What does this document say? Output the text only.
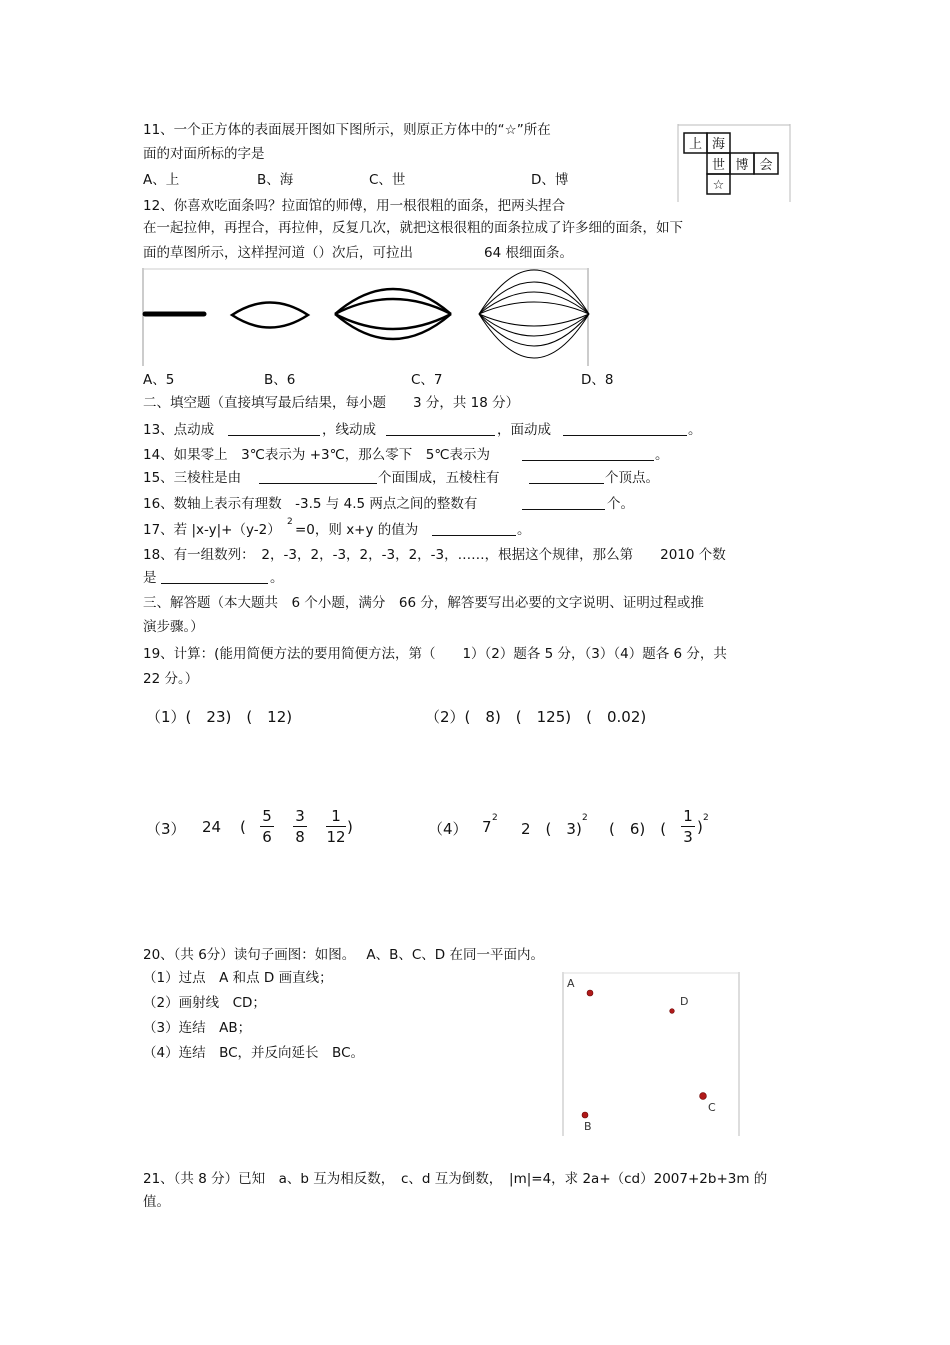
11、一个正方体的表面展开图如下图所示，则原正方体中的“☆”所在
面的对面所标的字是
A、上	B、海	C、世	D、博
上 海
世 博 会
☆
12、你喜欢吃面条吗？拉面馆的师傅，用一根很粗的面条，把两头捏合
在一起拉伸，再捏合，再拉伸，反复几次，就把这根很粗的面条拉成了许多细的面条，如下
面的草图所示，这样捏河道（）次后，可拉出	64 根细面条。
A、5	B、6	C、7	D、8
二、填空题（直接填写最后结果，每小题　　3 分，共 18 分）
13、点动成	，线动成	，面动成	。
14、如果零上　3℃表示为 +3℃，那么零下　5℃表示为	。
15、三棱柱是由	个面围成，五棱柱有	个顶点。
16、数轴上表示有理数　-3.5 与 4.5 两点之间的整数有	个。
17、若 |x-y|+（y-2） 2 =0，则 x+y 的值为	。
18、有一组数列：　2，-3，2，-3，2，-3，2，-3，……，根据这个规律，那么第　　2010 个数
是	。
三、解答题（本大题共　6 个小题，满分　66 分，解答要写出必要的文字说明、证明过程或推
演步骤。）
19、计算：(能用简便方法的要用简便方法，第（　　1）（2）题各 5 分，（3）（4）题各 6 分，共
22 分。）
（1）(　23)　(　12)	（2）(　8)　(　125)　(　0.02)
（3） 24 (
5
6
3
8
1
12
)	（4） 7 2
2　(　3)
2
(　6)　(
1
3
) 2
20、（共 6分）读句子画图：如图。　 A、B、C、D 在同一平面内。
（1）过点　A 和点 D 画直线；
（2）画射线　CD；
（3）连结　AB；
（4）连结　BC，并反向延长　BC。
A
D
C
B
21、（共 8 分）已知　a、b 互为相反数，　c、d 互为倒数，　|m|=4，求 2a+（cd）2007+2b+3m 的
值。
